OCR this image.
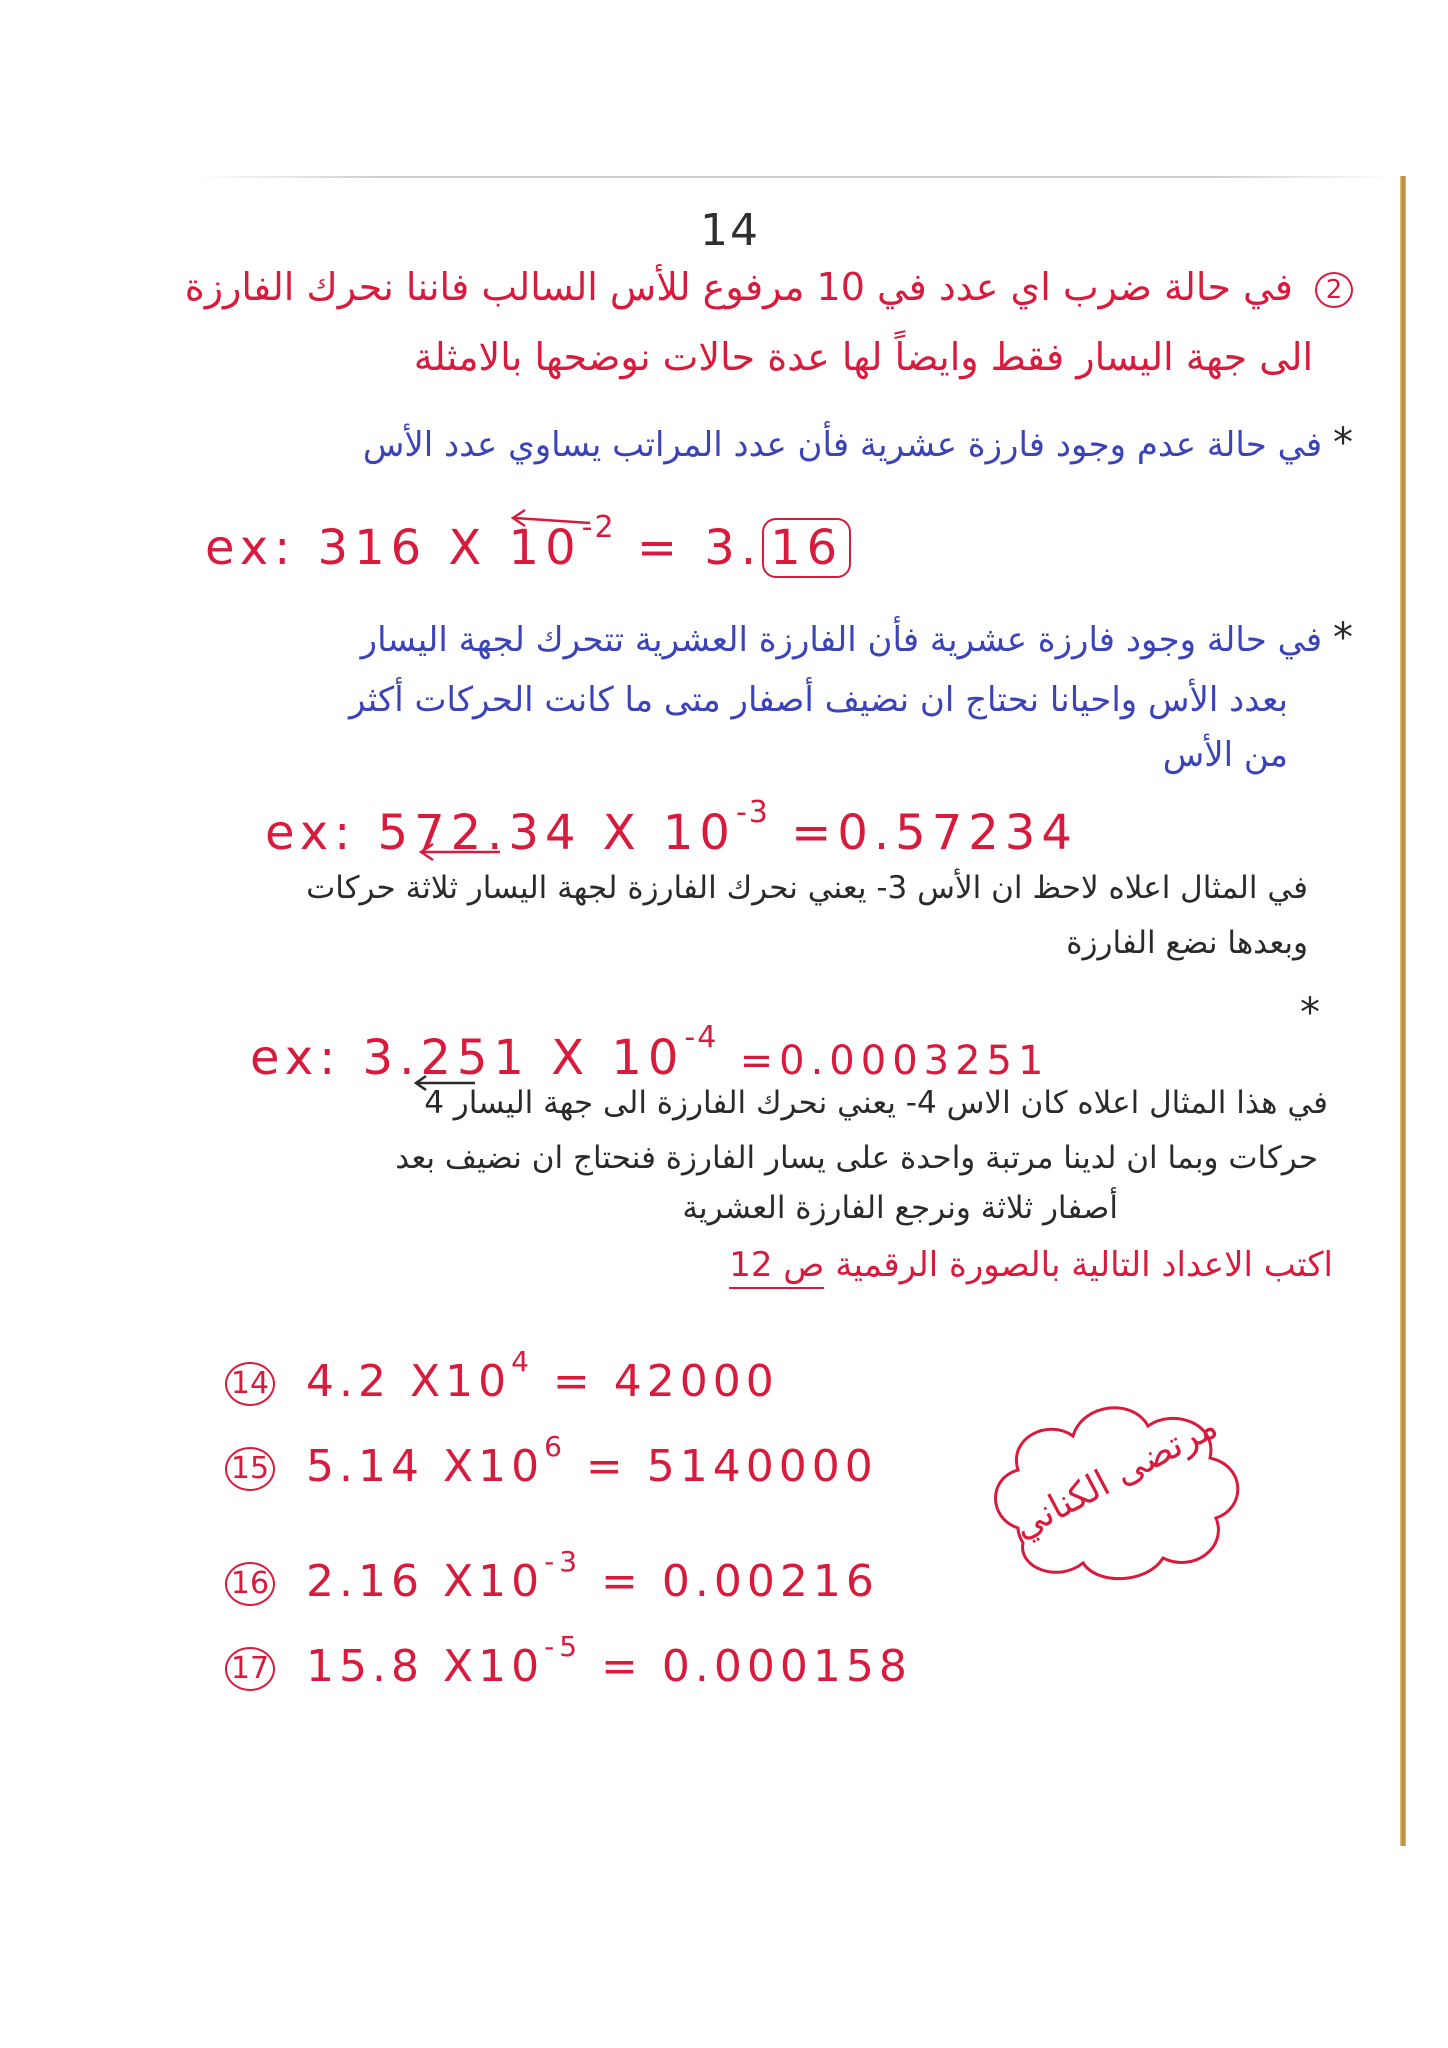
14
2 في حالة ضرب اي عدد في 10 مرفوع للأس السالب فاننا نحرك الفارزة
الى جهة اليسار فقط وايضاً لها عدة حالات نوضحها بالامثلة
* في حالة عدم وجود فارزة عشرية فأن عدد المراتب يساوي عدد الأس
ex: 316 X $10^{-2} = 3$. 16
* في حالة وجود فارزة عشرية فأن الفارزة العشرية تتحرك لجهة اليسار
بعدد الأس واحيانا نحتاج ان نضيف أصفار متى ما كانت الحركات أكثر
من الأس
ex: 572.34 X $10^{-3} =0.57234$
في المثال اعلاه لاحظ ان الأس 3- يعني نحرك الفارزة لجهة اليسار ثلاثة حركات
وبعدها نضع الفارزة
*
ex: 3.251 X $10^{-4} =0.0003251$
في هذا المثال اعلاه كان الاس 4- يعني نحرك الفارزة الى جهة اليسار 4
حركات وبما ان لدينا مرتبة واحدة على يسار الفارزة فنحتاج ان نضيف بعد
أصفار ثلاثة ونرجع الفارزة العشرية
اكتب الاعداد التالية بالصورة الرقمية ص 12
14 4.2 $X10^4 = 42000$
15 5.14 $X10^6 = 5140000$
16 2.16 $X10^{-3} = 0.00216$
17 15.8 $X10^{-5} = 0.000158$
مرتضى الكناني
